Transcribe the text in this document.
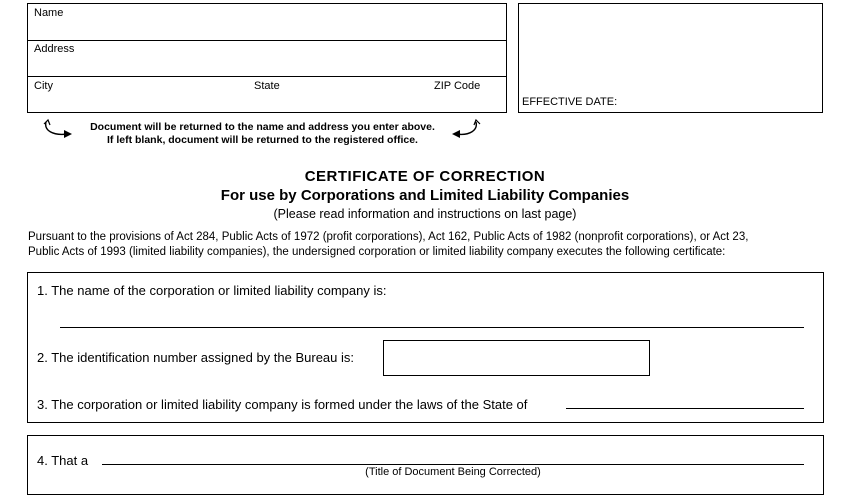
Name
Address
City	State	ZIP Code
EFFECTIVE DATE:
Document will be returned to the name and address you enter above.
If left blank, document will be returned to the registered office.
CERTIFICATE OF CORRECTION
For use by Corporations and Limited Liability Companies
(Please read information and instructions on last page)
Pursuant to the provisions of Act 284, Public Acts of 1972 (profit corporations), Act 162, Public Acts of 1982 (nonprofit corporations), or Act 23,
Public Acts of 1993 (limited liability companies), the undersigned corporation or limited liability company executes the following certificate:
1. The name of the corporation or limited liability company is:
2. The identification number assigned by the Bureau is:
3. The corporation or limited liability company is formed under the laws of the State of
4. That a
(Title of Document Being Corrected)
